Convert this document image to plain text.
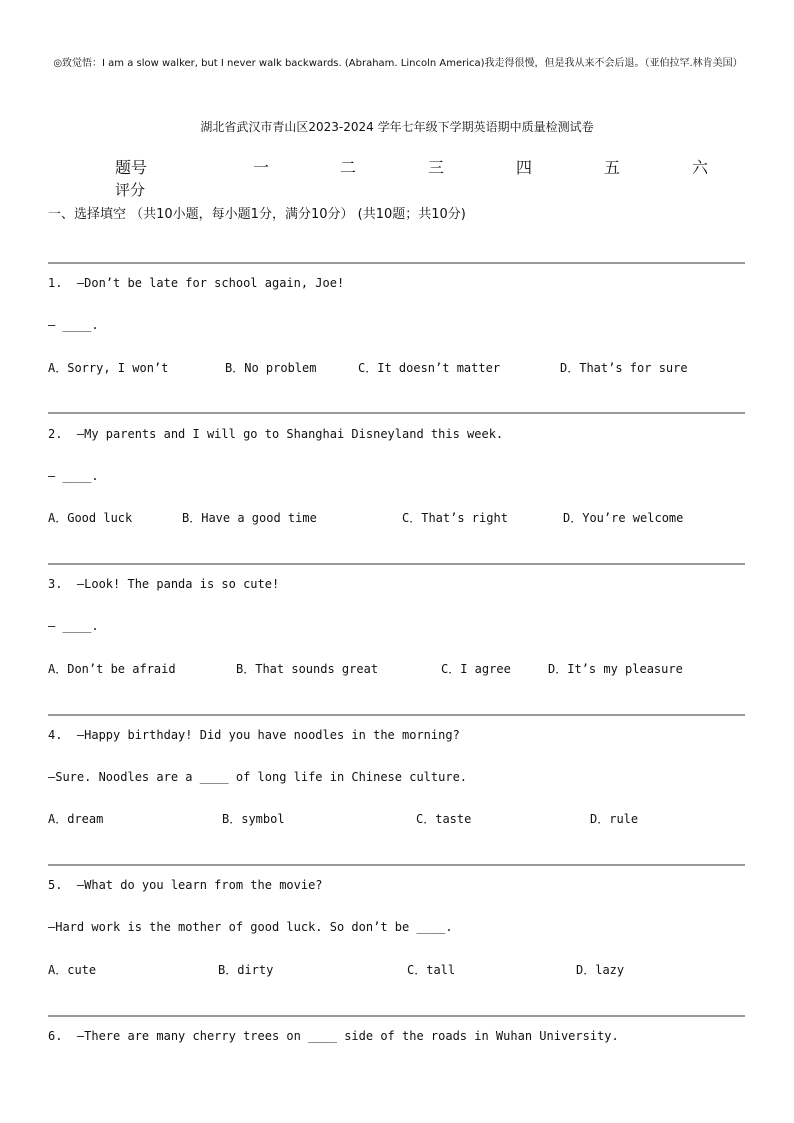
◎致觉悟：I am a slow walker, but I never walk backwards. (Abraham. Lincoln America)我走得很慢，但是我从来不会后退。（亚伯拉罕.林肯美国）
湖北省武汉市青山区2023-2024 学年七年级下学期英语期中质量检测试卷
题号	一	二	三	四	五	六
评分
一、选择填空 （共10小题，每小题1分，满分10分） (共10题；共10分)
1.  —Don’t be late for school again, Joe!
— ____.
A．Sorry, I won’t	B．No problem	C．It doesn’t matter	D．That’s for sure
2.  —My parents and I will go to Shanghai Disneyland this week.
— ____.
A．Good luck	B．Have a good time	C．That’s right	D．You’re welcome
3.  —Look! The panda is so cute!
— ____.
A．Don’t be afraid	B．That sounds great	C．I agree	D．It’s my pleasure
4.  —Happy birthday! Did you have noodles in the morning?
—Sure. Noodles are a ____ of long life in Chinese culture.
A．dream	B．symbol	C．taste	D．rule
5.  —What do you learn from the movie?
—Hard work is the mother of good luck. So don’t be ____.
A．cute	B．dirty	C．tall	D．lazy
6.  —There are many cherry trees on ____ side of the roads in Wuhan University.
